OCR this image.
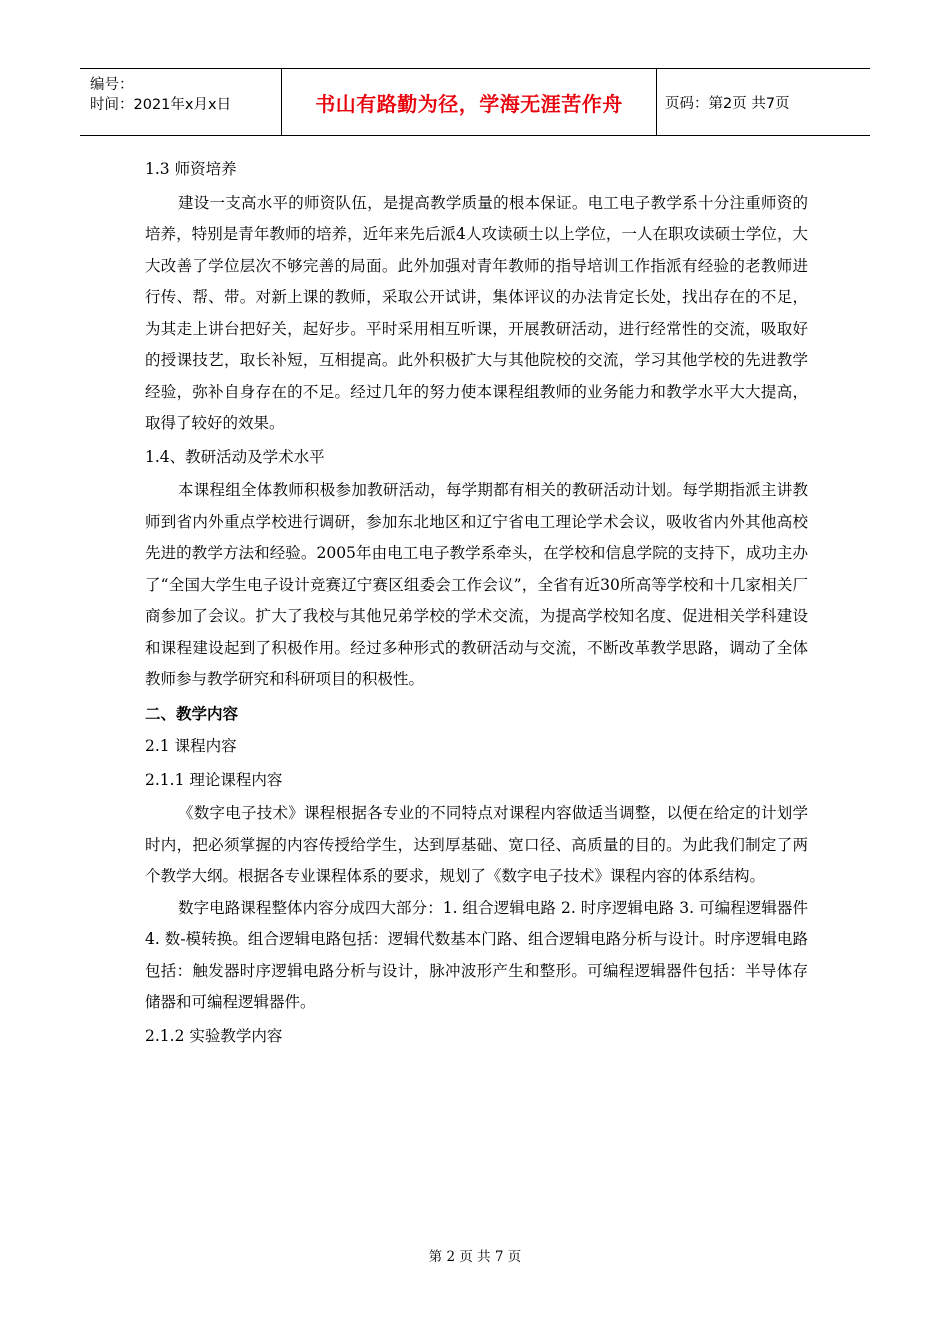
编号：
时间：2021年x月x日	书山有路勤为径，学海无涯苦作舟	页码：第2页 共7页

1.3 师资培养

建设一支高水平的师资队伍，是提高教学质量的根本保证。电工电子教学系十分注重师资的培养，特别是青年教师的培养，近年来先后派4人攻读硕士以上学位，一人在职攻读硕士学位，大大改善了学位层次不够完善的局面。此外加强对青年教师的指导培训工作指派有经验的老教师进行传、帮、带。对新上课的教师，采取公开试讲，集体评议的办法肯定长处，找出存在的不足，为其走上讲台把好关，起好步。平时采用相互听课，开展教研活动，进行经常性的交流，吸取好的授课技艺，取长补短，互相提高。此外积极扩大与其他院校的交流，学习其他学校的先进教学经验，弥补自身存在的不足。经过几年的努力使本课程组教师的业务能力和教学水平大大提高，取得了较好的效果。

1.4、教研活动及学术水平

本课程组全体教师积极参加教研活动，每学期都有相关的教研活动计划。每学期指派主讲教师到省内外重点学校进行调研，参加东北地区和辽宁省电工理论学术会议，吸收省内外其他高校先进的教学方法和经验。2005年由电工电子教学系牵头，在学校和信息学院的支持下，成功主办了“全国大学生电子设计竞赛辽宁赛区组委会工作会议”，全省有近30所高等学校和十几家相关厂商参加了会议。扩大了我校与其他兄弟学校的学术交流，为提高学校知名度、促进相关学科建设和课程建设起到了积极作用。经过多种形式的教研活动与交流，不断改革教学思路，调动了全体教师参与教学研究和科研项目的积极性。

二、教学内容

2.1 课程内容

2.1.1 理论课程内容

《数字电子技术》课程根据各专业的不同特点对课程内容做适当调整，以便在给定的计划学时内，把必须掌握的内容传授给学生，达到厚基础、宽口径、高质量的目的。为此我们制定了两个教学大纲。根据各专业课程体系的要求，规划了《数字电子技术》课程内容的体系结构。

数字电路课程整体内容分成四大部分：1. 组合逻辑电路 2. 时序逻辑电路 3. 可编程逻辑器件 4. 数-模转换。组合逻辑电路包括：逻辑代数基本门路、组合逻辑电路分析与设计。时序逻辑电路包括：触发器时序逻辑电路分析与设计，脉冲波形产生和整形。可编程逻辑器件包括：半导体存储器和可编程逻辑器件。

2.1.2 实验教学内容

第 2 页 共 7 页
